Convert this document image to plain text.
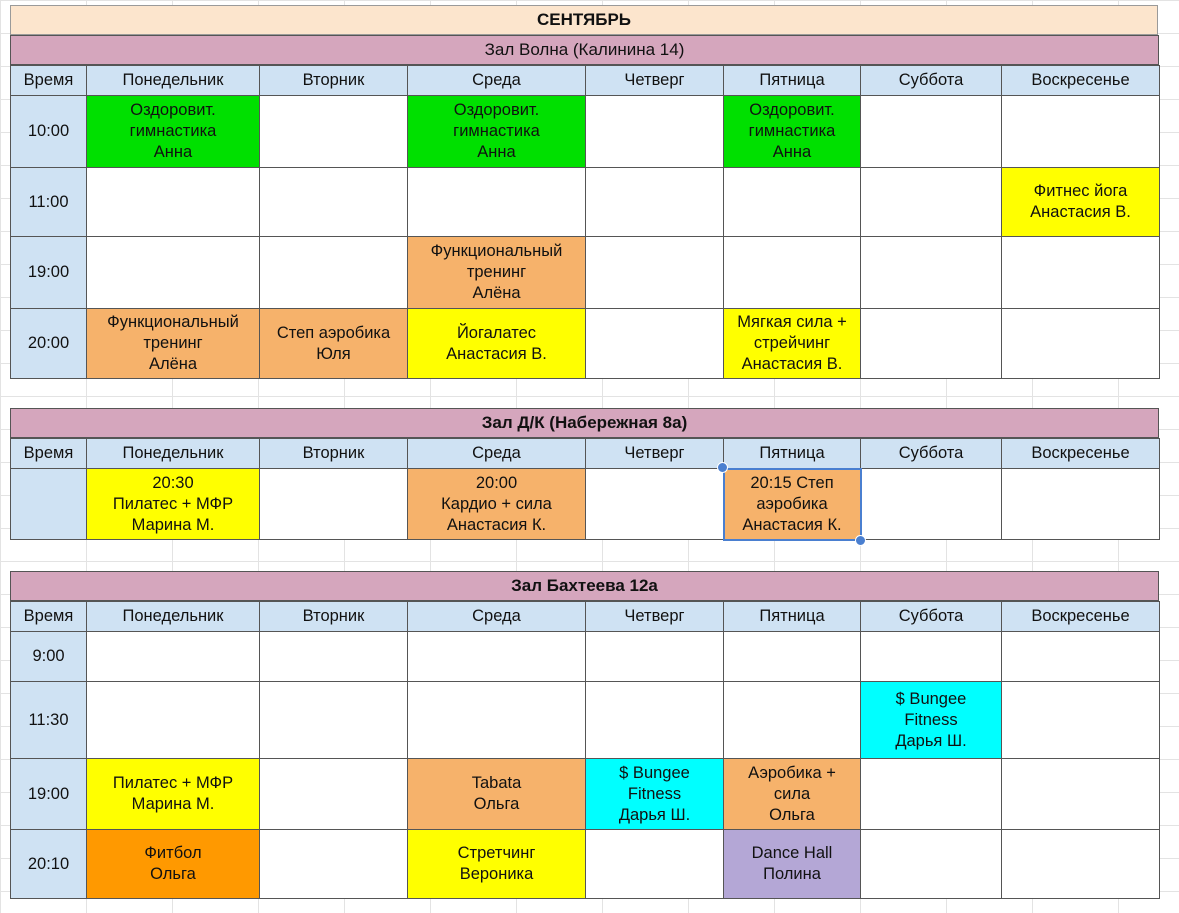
СЕНТЯБРЬ
Зал Волна (Калинина 14)
Время	Понедельник	Вторник	Среда	Четверг	Пятница	Суббота	Воскресенье
10:00	Оздоровит.
гимнастика
Анна		Оздоровит.
гимнастика
Анна		Оздоровит.
гимнастика
Анна		
11:00							Фитнес йога
Анастасия В.
19:00			Функциональный
тренинг
Алёна				
20:00	Функциональный
тренинг
Алёна	Степ аэробика
Юля	Йогалатес
Анастасия В.		Мягкая сила +
стрейчинг
Анастасия В.		
Зал Д/К (Набережная 8а)
Время	Понедельник	Вторник	Среда	Четверг	Пятница	Суббота	Воскресенье
	20:30
Пилатес + МФР
Марина М.		20:00
Кардио + сила
Анастасия К.		20:15 Степ
аэробика
Анастасия К.		
Зал Бахтеева 12а
Время	Понедельник	Вторник	Среда	Четверг	Пятница	Суббота	Воскресенье
9:00							
11:30						$ Bungee
Fitness
Дарья Ш.	
19:00	Пилатес + МФР
Марина М.		Tabata
Ольга	$ Bungee
Fitness
Дарья Ш.	Аэробика +
сила
Ольга		
20:10	Фитбол
Ольга		Стретчинг
Вероника		Dance Hall
Полина		
